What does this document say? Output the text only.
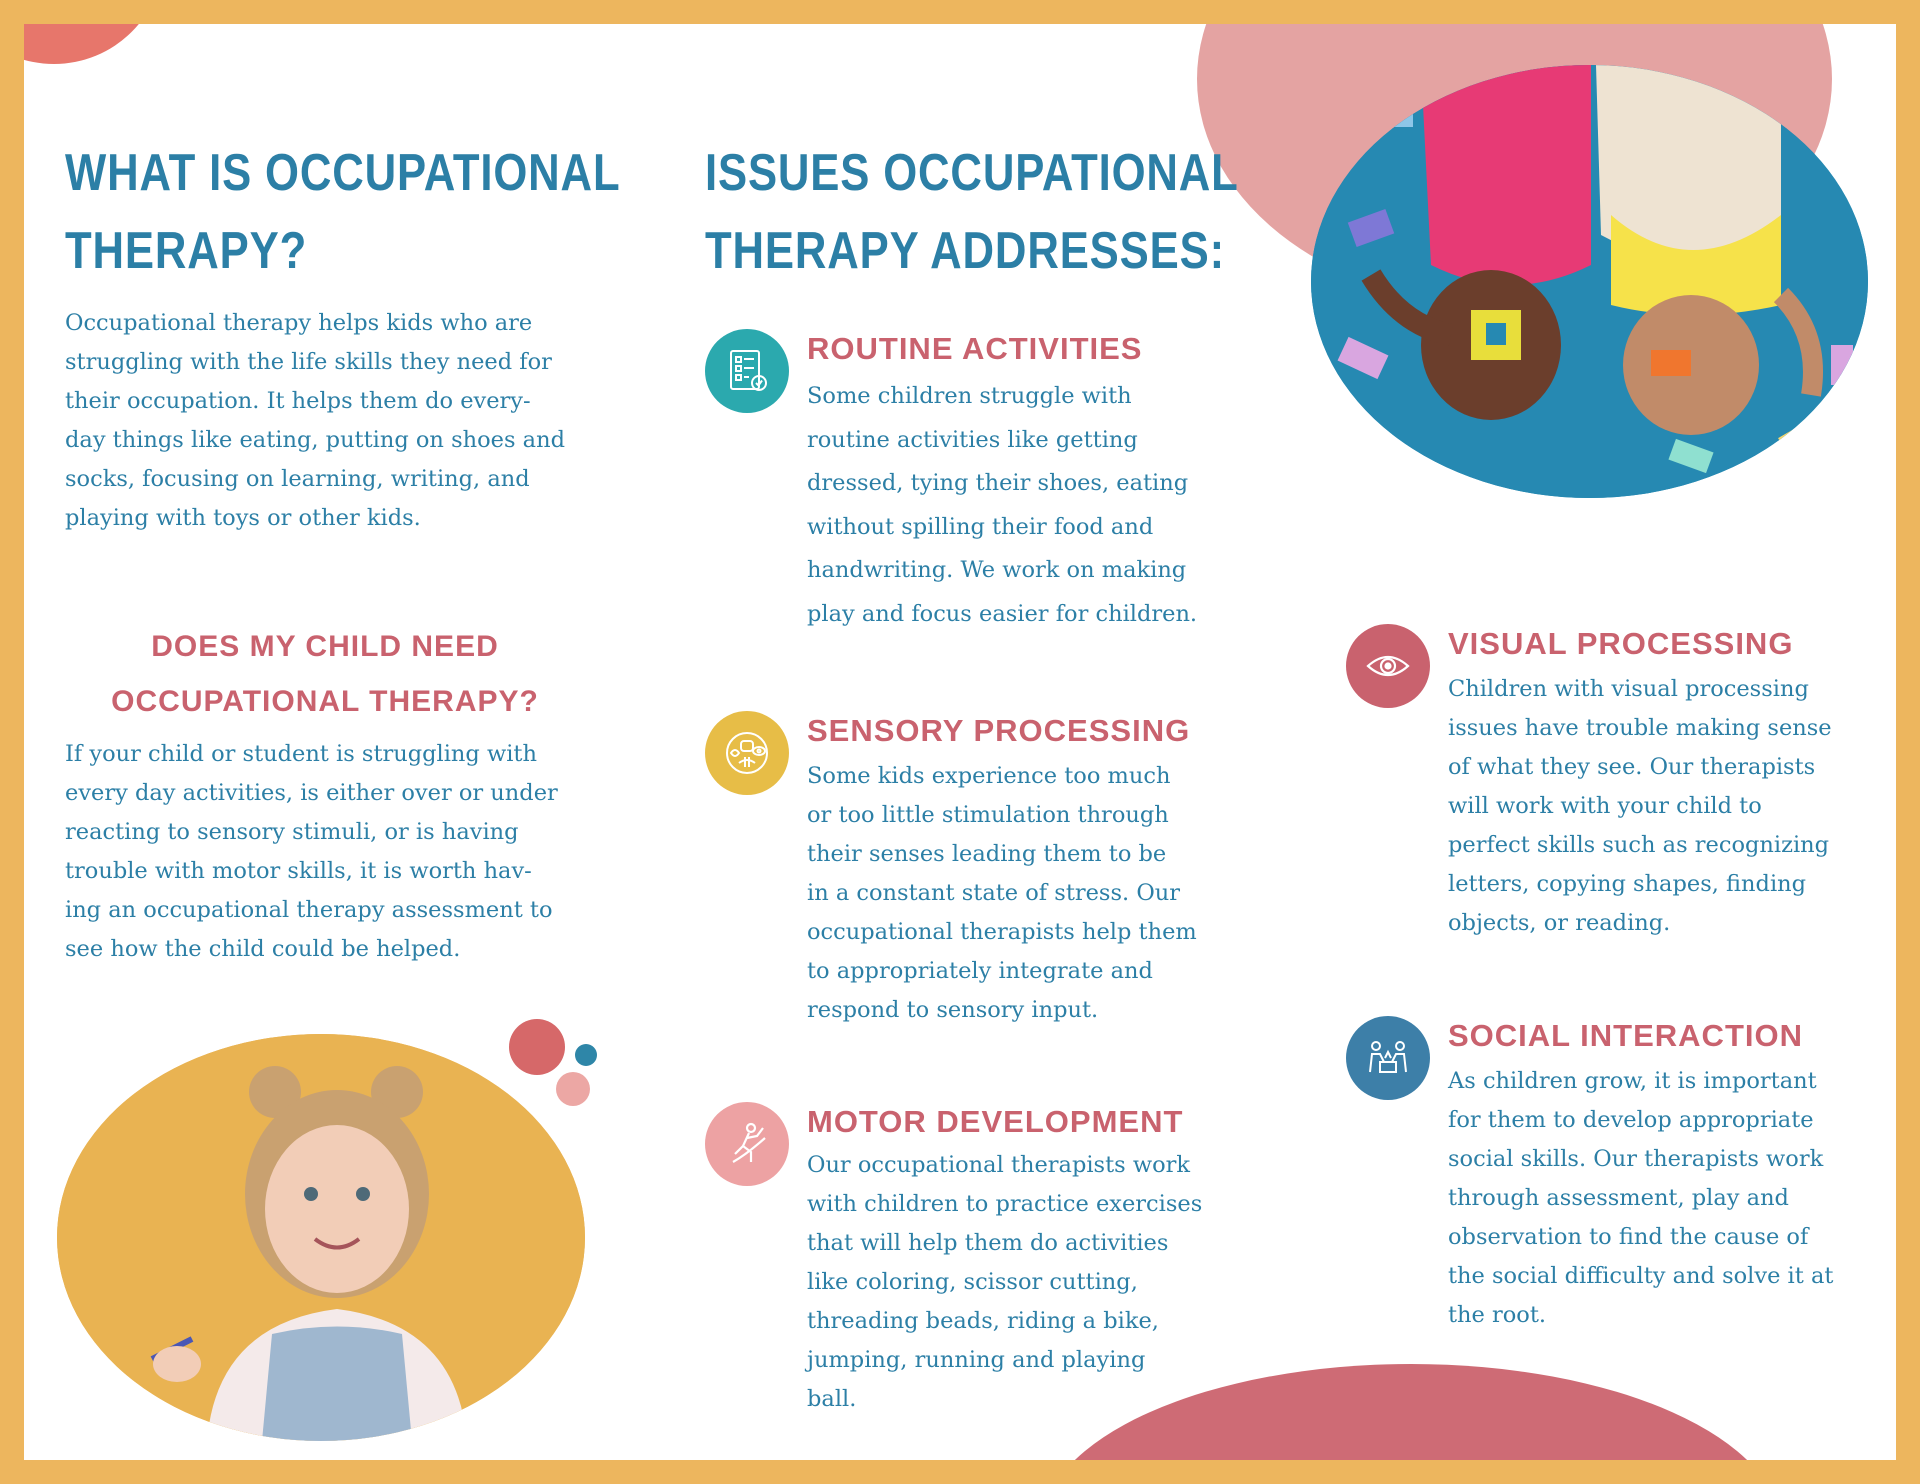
WHAT IS OCCUPATIONAL
THERAPY?
Occupational therapy helps kids who are
struggling with the life skills they need for
their occupation. It helps them do every-
day things like eating, putting on shoes and
socks, focusing on learning, writing, and
playing with toys or other kids.
DOES MY CHILD NEED
OCCUPATIONAL THERAPY?
If your child or student is struggling with
every day activities, is either over or under
reacting to sensory stimuli, or is having
trouble with motor skills, it is worth hav-
ing an occupational therapy assessment to
see how the child could be helped.
ISSUES OCCUPATIONAL
THERAPY ADDRESSES:
ROUTINE ACTIVITIES
Some children struggle with
routine activities like getting
dressed, tying their shoes, eating
without spilling their food and
handwriting. We work on making
play and focus easier for children.
SENSORY PROCESSING
Some kids experience too much
or too little stimulation through
their senses leading them to be
in a constant state of stress. Our
occupational therapists help them
to appropriately integrate and
respond to sensory input.
MOTOR DEVELOPMENT
Our occupational therapists work
with children to practice exercises
that will help them do activities
like coloring, scissor cutting,
threading beads, riding a bike,
jumping, running and playing
ball.
VISUAL PROCESSING
Children with visual processing
issues have trouble making sense
of what they see. Our therapists
will work with your child to
perfect skills such as recognizing
letters, copying shapes, finding
objects, or reading.
SOCIAL INTERACTION
As children grow, it is important
for them to develop appropriate
social skills. Our therapists work
through assessment, play and
observation to find the cause of
the social difficulty and solve it at
the root.
